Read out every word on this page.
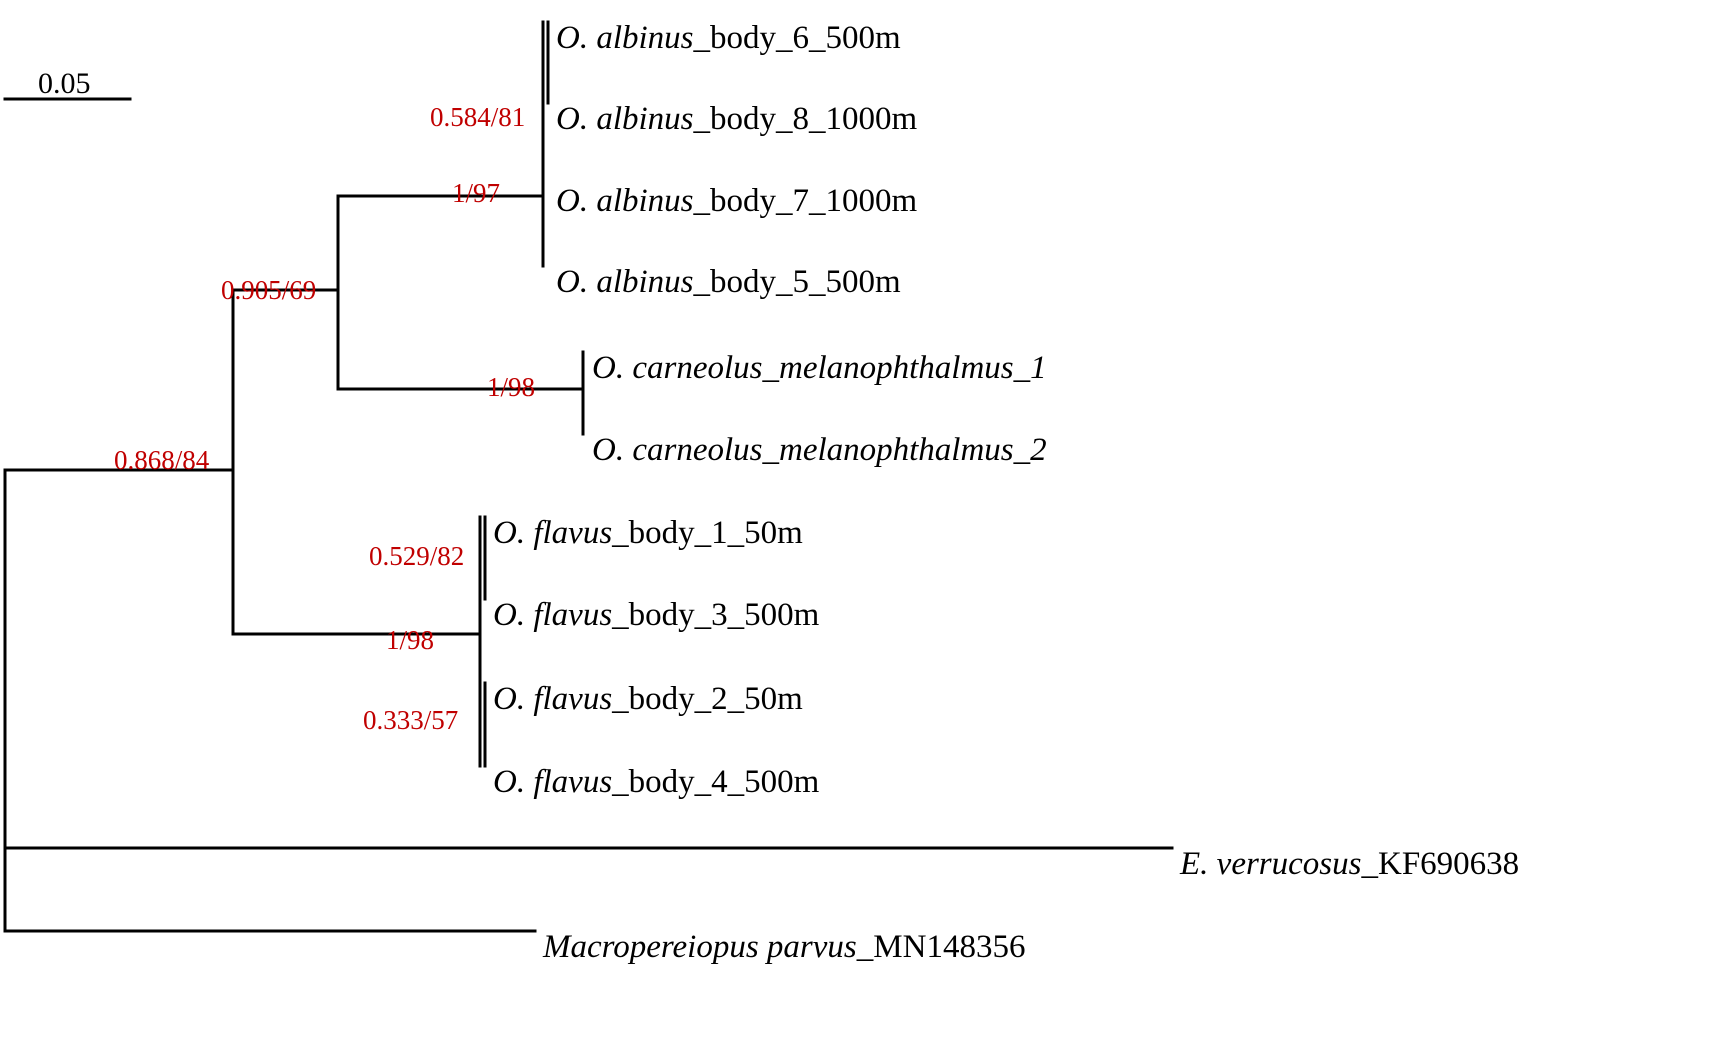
O. albinus_body_6_500m
O. albinus_body_8_1000m
O. albinus_body_7_1000m
O. albinus_body_5_500m
O. carneolus_melanophthalmus_1
O. carneolus_melanophthalmus_2
O. flavus_body_1_50m
O. flavus_body_3_500m
O. flavus_body_2_50m
O. flavus_body_4_500m
E. verrucosus_KF690638
Macropereiopus parvus_MN148356
0.584/81
1/97
0.905/69
1/98
0.868/84
0.529/82
1/98
0.333/57
0.05
